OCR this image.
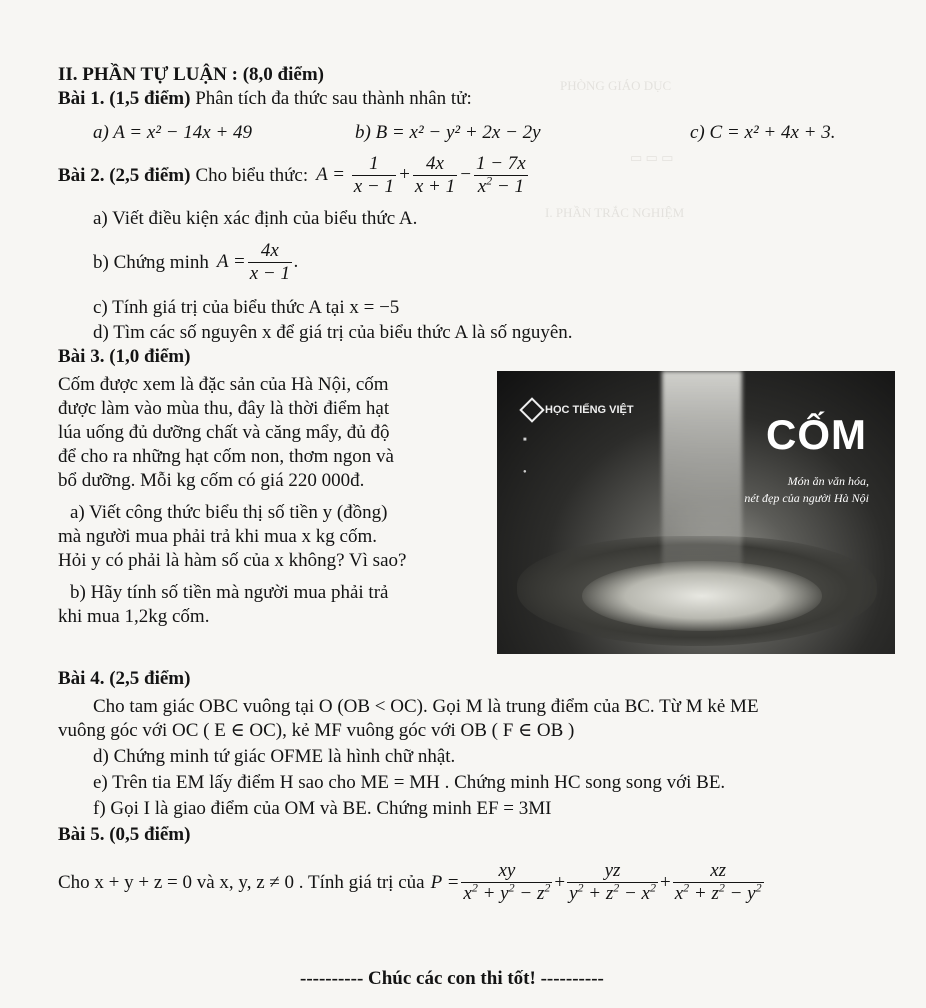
PHÒNG GIÁO DỤC
▭ ▭ ▭
I. PHẦN TRẮC NGHIỆM
II. PHẦN TỰ LUẬN : (8,0 điểm)
Bài 1. (1,5 điểm) Phân tích đa thức sau thành nhân tử:
a) A = x² − 14x + 49	b) B = x² − y² + 2x − 2y	c) C = x² + 4x + 3.
Bài 2. (2,5 điểm) Cho biểu thức: $A = \frac{1}{x - 1} + \frac{4x}{x + 1} - \frac{1 - 7x}{x^2 - 1}$
a) Viết điều kiện xác định của biểu thức A.
b) Chứng minh $A = \frac{4x}{x - 1}$ .
c) Tính giá trị của biểu thức A tại x = −5
d) Tìm các số nguyên x để giá trị của biểu thức A là số nguyên.
Bài 3. (1,0 điểm)
Cốm được xem là đặc sản của Hà Nội, cốm
được làm vào mùa thu, đây là thời điểm hạt
lúa uống đủ dưỡng chất và căng mẩy, đủ độ
để cho ra những hạt cốm non, thơm ngon và
bổ dưỡng. Mỗi kg cốm có giá 220 000đ.
a) Viết công thức biểu thị số tiền y (đồng)
mà người mua phải trả khi mua x kg cốm.
Hỏi y có phải là hàm số của x không? Vì sao?
b) Hãy tính số tiền mà người mua phải trả
khi mua 1,2kg cốm.
HỌC TIẾNG VIỆT
■
●
CỐM
Món ăn văn hóa,
nét đẹp của người Hà Nội
Bài 4. (2,5 điểm)
Cho tam giác OBC vuông tại O (OB < OC). Gọi M là trung điểm của BC. Từ M kẻ ME
vuông góc với OC ( E ∈ OC), kẻ MF vuông góc với OB ( F ∈ OB )
d) Chứng minh tứ giác OFME là hình chữ nhật.
e) Trên tia EM lấy điểm H sao cho ME = MH . Chứng minh HC song song với BE.
f) Gọi I là giao điểm của OM và BE. Chứng minh EF = 3MI
Bài 5. (0,5 điểm)
Cho x + y + z = 0 và x, y, z ≠ 0 . Tính giá trị của $P = \frac{xy}{x^2 + y^2 - z^2} + \frac{yz}{y^2 + z^2 - x^2} + \frac{xz}{x^2 + z^2 - y^2}$
---------- Chúc các con thi tốt! ----------
